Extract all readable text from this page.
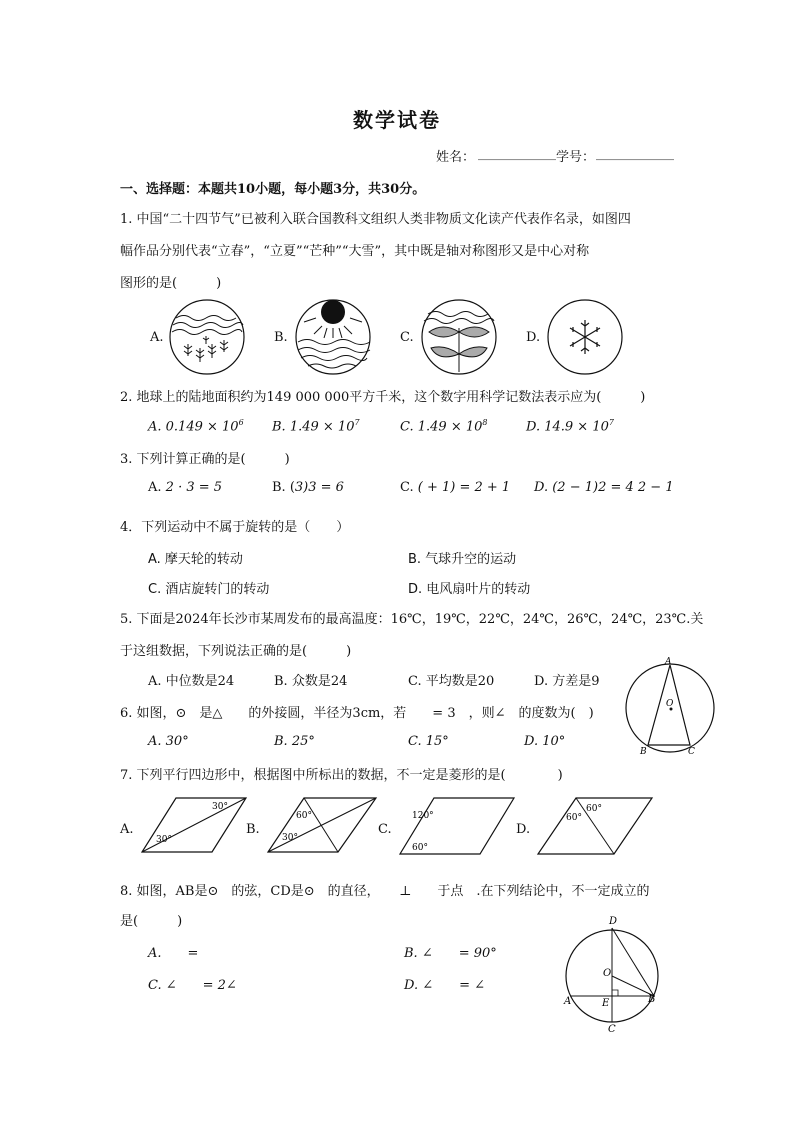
数学试卷
姓名： ____________ 学号： ____________
一、选择题：本题共10小题，每小题3分，共30分。
1. 中国“二十四节气”已被利入联合国教科文组织人类非物质文化读产代表作名录，如图四
幅作品分别代表“立春”，“立夏”“芒种”“大雪”，其中既是轴对称图形又是中心对称
图形的是(　　　)
A.	B.	C.	D.
2. 地球上的陆地面积约为149 000 000平方千米，这个数字用科学记数法表示应为(　　　)
A. $0.149 \times 10^6$ B. $1.49 \times 10^7$	C. $1.49 \times 10^8$	D. $14.9 \times 10^7$
3. 下列计算正确的是(　　　)
A. 2 · 3 = 5	B. (3)3 = 6	C. ( + 1) = 2 + 1 D. (2 − 1)2 = 4 2 − 1
4．下列运动中不属于旋转的是（　　）
A. 摩天轮的转动	B. 气球升空的运动
C. 酒店旋转门的转动	D. 电风扇叶片的转动
5. 下面是2024年长沙市某周发布的最高温度：16℃，19℃，22℃，24℃，26℃，24℃，23℃.关
于这组数据，下列说法正确的是(　　　)
A. 中位数是24	B. 众数是24	C. 平均数是20	D. 方差是9
6. 如图，⊙　是△　　的外接圆，半径为3cm，若　　= 3　，则∠　的度数为(　)
A. 30°	B. 25°	C. 15°	D. 10°
A
O
B	C
7. 下列平行四边形中，根据图中所标出的数据，不一定是菱形的是(　　　　)
A.	B.	C.	D.
30°
30°
60°
30°
120°
60°
60°
60°
8. 如图，AB是⊙　的弦，CD是⊙　的直径，　　⊥　　于点　.在下列结论中，不一定成立的
是(　　　)
A.　　=	B. ∠　　= 90°
C. ∠　　= 2∠	D. ∠　　= ∠
D
O
A	E	B
C
